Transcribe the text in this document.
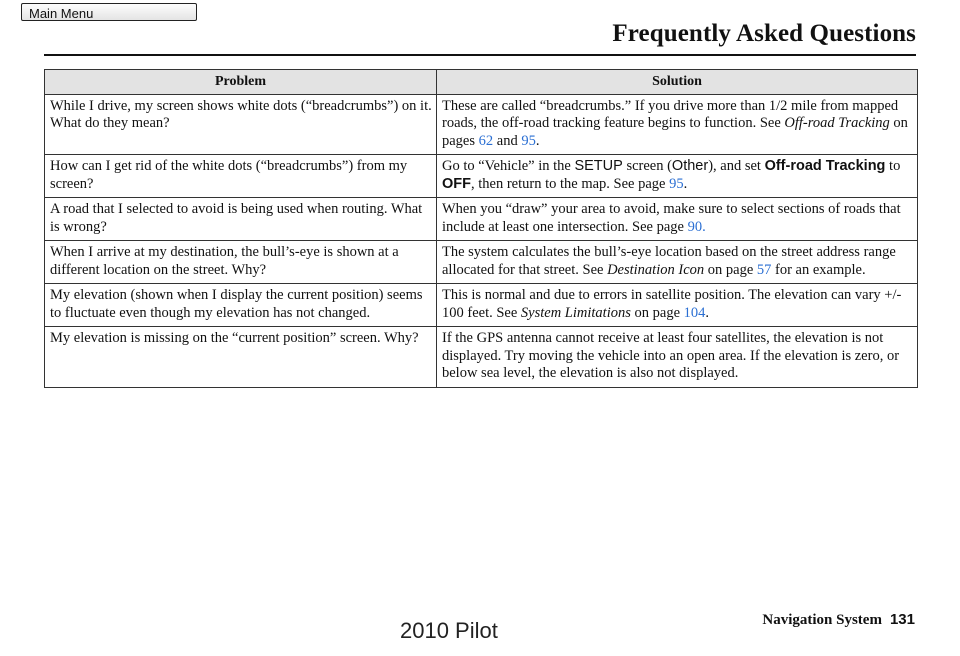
Main Menu
Frequently Asked Questions
Problem	Solution
While I drive, my screen shows white dots (“breadcrumbs”) on it. What do they mean?	These are called “breadcrumbs.” If you drive more than 1/2 mile from mapped roads, the off-road tracking feature begins to function. See Off-road Tracking on pages 62 and 95.
How can I get rid of the white dots (“breadcrumbs”) from my screen?	Go to “Vehicle” in the SETUP screen (Other), and set Off-road Tracking to OFF, then return to the map. See page 95.
A road that I selected to avoid is being used when routing. What is wrong?	When you “draw” your area to avoid, make sure to select sections of roads that include at least one intersection. See page 90.
When I arrive at my destination, the bull’s-eye is shown at a different location on the street. Why?	The system calculates the bull’s-eye location based on the street address range allocated for that street. See Destination Icon on page 57 for an example.
My elevation (shown when I display the current position) seems to fluctuate even though my elevation has not changed.	This is normal and due to errors in satellite position. The elevation can vary +/- 100 feet. See System Limitations on page 104.
My elevation is missing on the “current position” screen. Why?	If the GPS antenna cannot receive at least four satellites, the elevation is not displayed. Try moving the vehicle into an open area. If the elevation is zero, or below sea level, the elevation is also not displayed.
Navigation System 131
2010 Pilot
